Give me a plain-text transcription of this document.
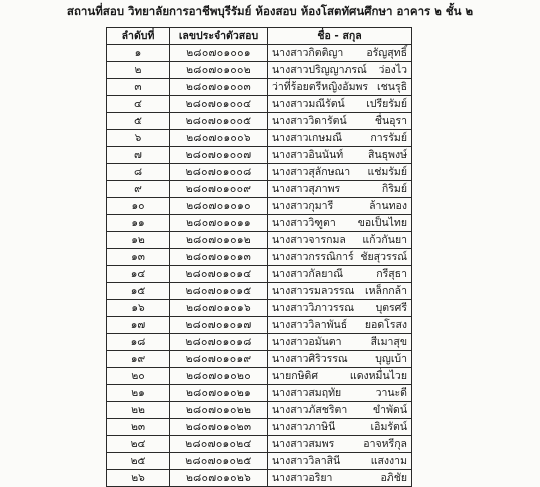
สถานที่สอบ วิทยาลัยการอาชีพบุรีรัมย์ ห้องสอบ ห้องโสตทัศนศึกษา อาคาร ๒ ชั้น ๒
ลำดับที่	เลขประจำตัวสอบ	ชื่อ - สกุล
๑	๒๘๐๗๐๑๐๐๑	นางสาวกิตติญา อรัญสุทธิ์

๒	๒๘๐๗๐๑๐๐๒	นางสาวปริญญาภรณ์ ว่องไว

๓	๒๘๐๗๐๑๐๐๓	ว่าที่ร้อยตรีหญิงอัมพร เชนรุธิ

๔	๒๘๐๗๐๑๐๐๔	นางสาวมณีรัตน์ เปรียรัมย์

๕	๒๘๐๗๐๑๐๐๕	นางสาววิดารัตน์ ชื่นอุรา

๖	๒๘๐๗๐๑๐๐๖	นางสาวเกษมณี การรัมย์

๗	๒๘๐๗๐๑๐๐๗	นางสาวอินนันท์ สินธุพงษ์

๘	๒๘๐๗๐๑๐๐๘	นางสาวสุลักษณา แช่มรัมย์

๙	๒๘๐๗๐๑๐๐๙	นางสาวสุภาพร กิริมย์

๑๐	๒๘๐๗๐๑๐๑๐	นางสาวกุมารี ล้านทอง

๑๑	๒๘๐๗๐๑๐๑๑	นางสาววิฑูตา ขอเป็นไทย

๑๒	๒๘๐๗๐๑๐๑๒	นางสาวจารกมล แก้วกันยา

๑๓	๒๘๐๗๐๑๐๑๓	นางสาวกรรณิการ์ ชัยสุวรรณ์

๑๔	๒๘๐๗๐๑๐๑๔	นางสาวกัลยาณี กรีสุธา

๑๕	๒๘๐๗๐๑๐๑๕	นางสาวรมลวรรณ เหล็กกล้า

๑๖	๒๘๐๗๐๑๐๑๖	นางสาววิภาวรรณ บุตรศรี

๑๗	๒๘๐๗๐๑๐๑๗	นางสาววิลาพันธ์ ยอดโรสง

๑๘	๒๘๐๗๐๑๐๑๘	นางสาวอมันตา สีเมาสุข

๑๙	๒๘๐๗๐๑๐๑๙	นางสาวศิริวรรณ บุญเบ้า

๒๐	๒๘๐๗๐๑๐๒๐	นายกษิดิศ แดงหมื่นไวย

๒๑	๒๘๐๗๐๑๐๒๑	นางสาวสมฤทัย วานะดี

๒๒	๒๘๐๗๐๑๐๒๒	นางสาวภัสชริตา ขำพัดน์

๒๓	๒๘๐๗๐๑๐๒๓	นางสาวภาษินี เอิมรัตน์

๒๔	๒๘๐๗๐๑๐๒๔	นางสาวสมพร อาจหรีกุล

๒๕	๒๘๐๗๐๑๐๒๕	นางสาววิลาสินี แสงงาม

๒๖	๒๘๐๗๐๑๐๒๖	นางสาวอริยา อภิชัย
